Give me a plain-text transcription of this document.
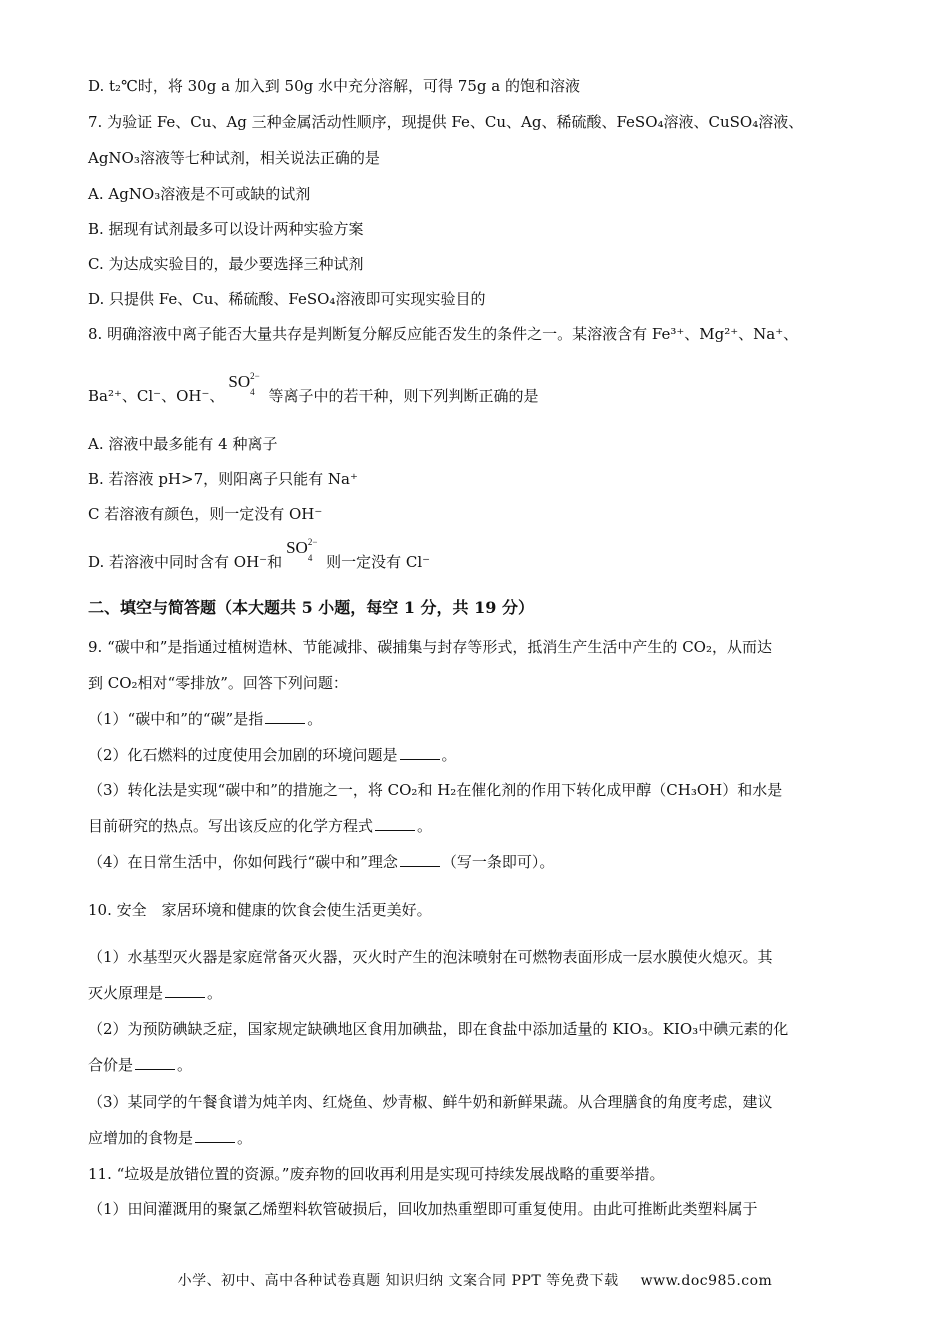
D. t₂℃时，将 30g a 加入到 50g 水中充分溶解，可得 75g a 的饱和溶液
7. 为验证 Fe、Cu、Ag 三种金属活动性顺序，现提供 Fe、Cu、Ag、稀硫酸、FeSO₄溶液、CuSO₄溶液、
AgNO₃溶液等七种试剂，相关说法正确的是
A. AgNO₃溶液是不可或缺的试剂
B. 据现有试剂最多可以设计两种实验方案
C. 为达成实验目的，最少要选择三种试剂
D. 只提供 Fe、Cu、稀硫酸、FeSO₄溶液即可实现实验目的
8. 明确溶液中离子能否大量共存是判断复分解反应能否发生的条件之一。某溶液含有 Fe³⁺、Mg²⁺、Na⁺、
Ba²⁺、Cl⁻、OH⁻、SO 2−
4 等离子中的若干种，则下列判断正确的是
A. 溶液中最多能有 4 种离子
B. 若溶液 pH>7，则阳离子只能有 Na⁺
C 若溶液有颜色，则一定没有 OH⁻
D. 若溶液中同时含有 OH⁻和SO 2−
4 则一定没有 Cl⁻
二、填空与简答题（本大题共 5 小题，每空 1 分，共 19 分）
9. “碳中和”是指通过植树造林、节能减排、碳捕集与封存等形式，抵消生产生活中产生的 CO₂，从而达
到 CO₂相对“零排放”。回答下列问题：
（1）“碳中和”的“碳”是指	。
（2）化石燃料的过度使用会加剧的环境问题是	。
（3）转化法是实现“碳中和”的措施之一，将 CO₂和 H₂在催化剂的作用下转化成甲醇（CH₃OH）和水是
目前研究的热点。写出该反应的化学方程式	。
（4）在日常生活中，你如何践行“碳中和”理念	（写一条即可）。
10. 安全　家居环境和健康的饮食会使生活更美好。
（1）水基型灭火器是家庭常备灭火器，灭火时产生的泡沫喷射在可燃物表面形成一层水膜使火熄灭。其
灭火原理是	。
（2）为预防碘缺乏症，国家规定缺碘地区食用加碘盐，即在食盐中添加适量的 KIO₃。KIO₃中碘元素的化
合价是	。
（3）某同学的午餐食谱为炖羊肉、红烧鱼、炒青椒、鲜牛奶和新鲜果蔬。从合理膳食的角度考虑，建议
应增加的食物是	。
11. “垃圾是放错位置的资源。”废弃物的回收再利用是实现可持续发展战略的重要举措。
（1）田间灌溉用的聚氯乙烯塑料软管破损后，回收加热重塑即可重复使用。由此可推断此类塑料属于
小学、初中、高中各种试卷真题 知识归纳 文案合同 PPT 等免费下载 www.doc985.com
